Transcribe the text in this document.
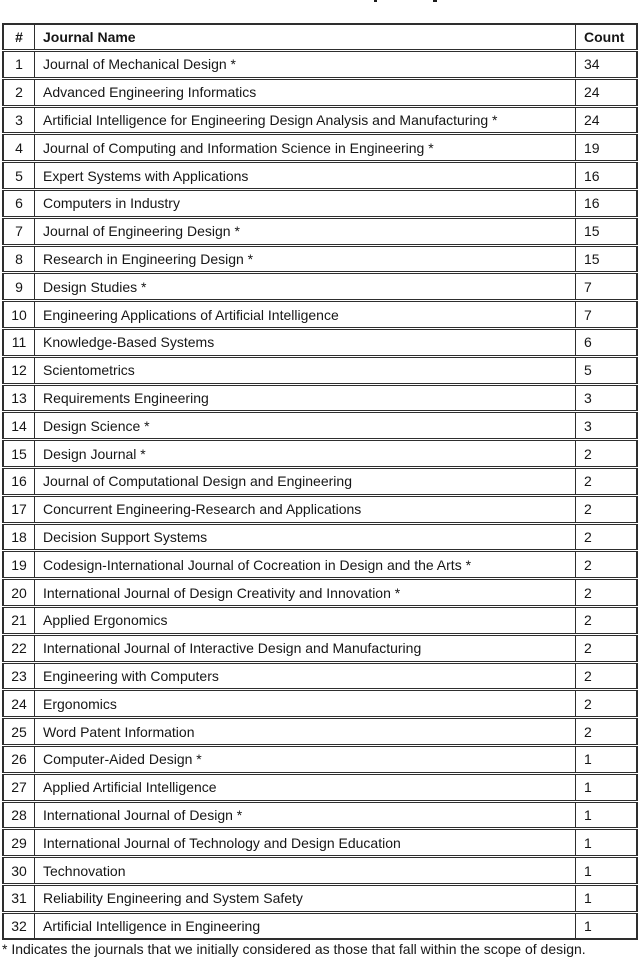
#	Journal Name	Count
1	Journal of Mechanical Design *	34
2	Advanced Engineering Informatics	24
3	Artificial Intelligence for Engineering Design Analysis and Manufacturing *	24
4	Journal of Computing and Information Science in Engineering *	19
5	Expert Systems with Applications	16
6	Computers in Industry	16
7	Journal of Engineering Design *	15
8	Research in Engineering Design *	15
9	Design Studies *	7
10	Engineering Applications of Artificial Intelligence	7
11	Knowledge-Based Systems	6
12	Scientometrics	5
13	Requirements Engineering	3
14	Design Science *	3
15	Design Journal *	2
16	Journal of Computational Design and Engineering	2
17	Concurrent Engineering-Research and Applications	2
18	Decision Support Systems	2
19	Codesign-International Journal of Cocreation in Design and the Arts *	2
20	International Journal of Design Creativity and Innovation *	2
21	Applied Ergonomics	2
22	International Journal of Interactive Design and Manufacturing	2
23	Engineering with Computers	2
24	Ergonomics	2
25	Word Patent Information	2
26	Computer-Aided Design *	1
27	Applied Artificial Intelligence	1
28	International Journal of Design *	1
29	International Journal of Technology and Design Education	1
30	Technovation	1
31	Reliability Engineering and System Safety	1
32	Artificial Intelligence in Engineering	1
* Indicates the journals that we initially considered as those that fall within the scope of design.
